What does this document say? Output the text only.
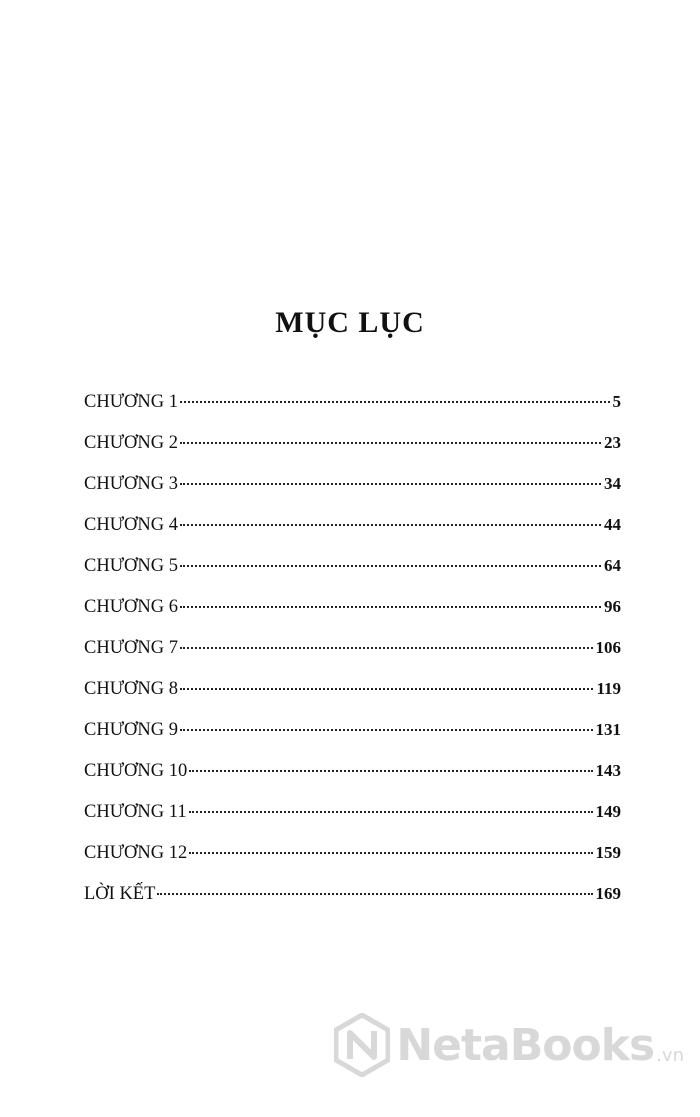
MỤC LỤC
CHƯƠNG 1	5
CHƯƠNG 2	23
CHƯƠNG 3	34
CHƯƠNG 4	44
CHƯƠNG 5	64
CHƯƠNG 6	96
CHƯƠNG 7	106
CHƯƠNG 8	119
CHƯƠNG 9	131
CHƯƠNG 10	143
CHƯƠNG 11	149
CHƯƠNG 12	159
LỜI KẾT	169
NetaBooks .vn
